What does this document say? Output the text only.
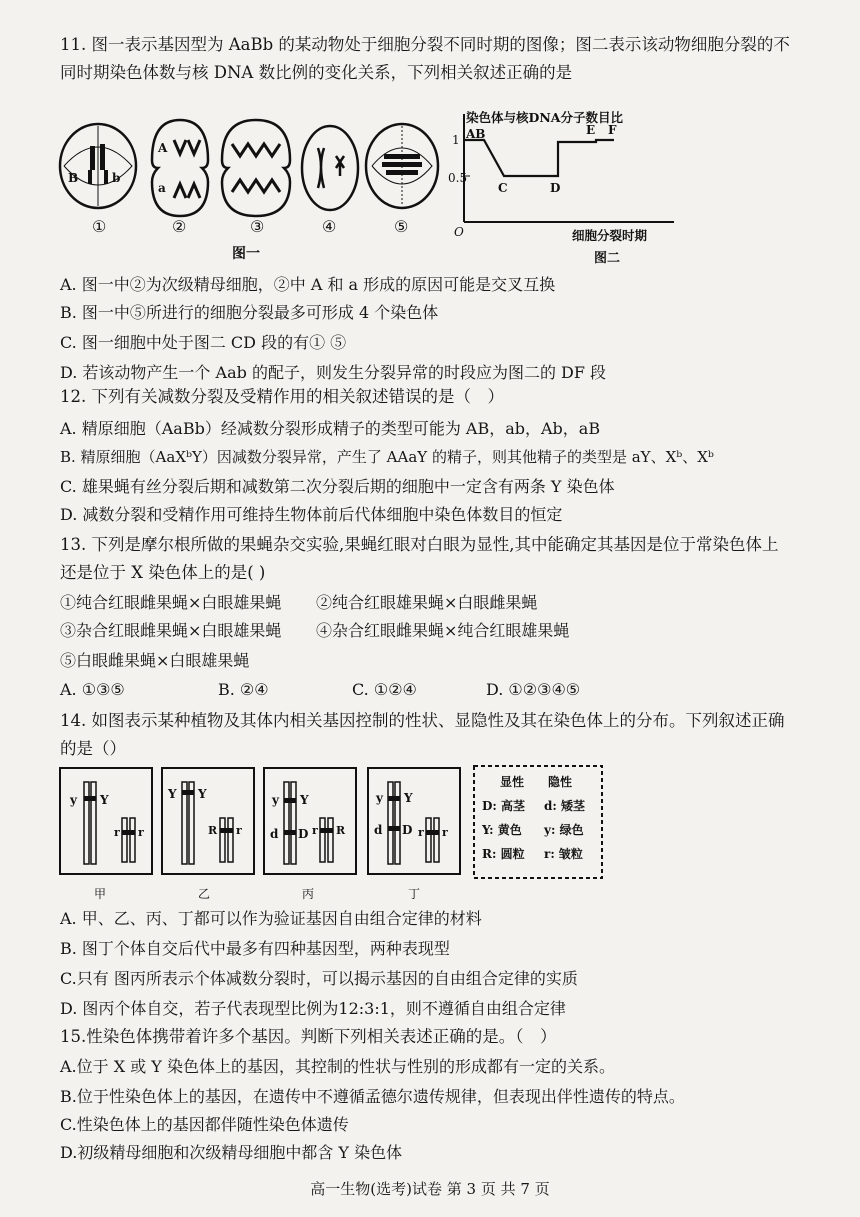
11. 图一表示基因型为 AaBb 的某动物处于细胞分裂不同时期的图像；图二表示该动物细胞分裂的不
同时期染色体数与核 DNA 数比例的变化关系，下列相关叙述正确的是
B	b
①
A
a
②	③	④	⑤
图一
染色体与核DNA分子数目比
1
0.5
AB
C	D
E F
O	细胞分裂时期
图二
A. 图一中②为次级精母细胞，②中 A 和 a 形成的原因可能是交叉互换
B. 图一中⑤所进行的细胞分裂最多可形成 4 个染色体
C. 图一细胞中处于图二 CD 段的有① ⑤
D. 若该动物产生一个 Aab 的配子，则发生分裂异常的时段应为图二的 DF 段
12. 下列有关减数分裂及受精作用的相关叙述错误的是（　）
A. 精原细胞（AaBb）经减数分裂形成精子的类型可能为 AB，ab，Ab，aB
B. 精原细胞（AaXᵇY）因减数分裂异常，产生了 AAaY 的精子，则其他精子的类型是 aY、Xᵇ、Xᵇ
C. 雄果蝇有丝分裂后期和减数第二次分裂后期的细胞中一定含有两条 Y 染色体
D. 减数分裂和受精作用可维持生物体前后代体细胞中染色体数目的恒定
13. 下列是摩尔根所做的果蝇杂交实验,果蝇红眼对白眼为显性,其中能确定其基因是位于常染色体上
还是位于 X 染色体上的是( )
①纯合红眼雌果蝇×白眼雄果蝇 ②纯合红眼雄果蝇×白眼雌果蝇
③杂合红眼雌果蝇×白眼雄果蝇 ④杂合红眼雌果蝇×纯合红眼雄果蝇
⑤白眼雌果蝇×白眼雄果蝇
A. ①③⑤	B. ②④	C. ①②④	D. ①②③④⑤
14. 如图表示某种植物及其体内相关基因控制的性状、显隐性及其在染色体上的分布。下列叙述正确
的是（）
y Y
r r
甲
Y Y
R r
乙
y Y
d D r R
丙
y Y
d D r r
丁
显性 隐性
D: 高茎 d: 矮茎
Y: 黄色 y: 绿色
R: 圆粒 r: 皱粒
A. 甲、乙、丙、丁都可以作为验证基因自由组合定律的材料
B. 图丁个体自交后代中最多有四种基因型，两种表现型
C.只有 图丙所表示个体减数分裂时，可以揭示基因的自由组合定律的实质
D. 图丙个体自交，若子代表现型比例为12:3:1，则不遵循自由组合定律
15.性染色体携带着许多个基因。判断下列相关表述正确的是。（　）
A.位于 X 或 Y 染色体上的基因，其控制的性状与性别的形成都有一定的关系。
B.位于性染色体上的基因，在遗传中不遵循孟德尔遗传规律，但表现出伴性遗传的特点。
C.性染色体上的基因都伴随性染色体遗传
D.初级精母细胞和次级精母细胞中都含 Y 染色体
高一生物(选考)试卷 第 3 页 共 7 页
